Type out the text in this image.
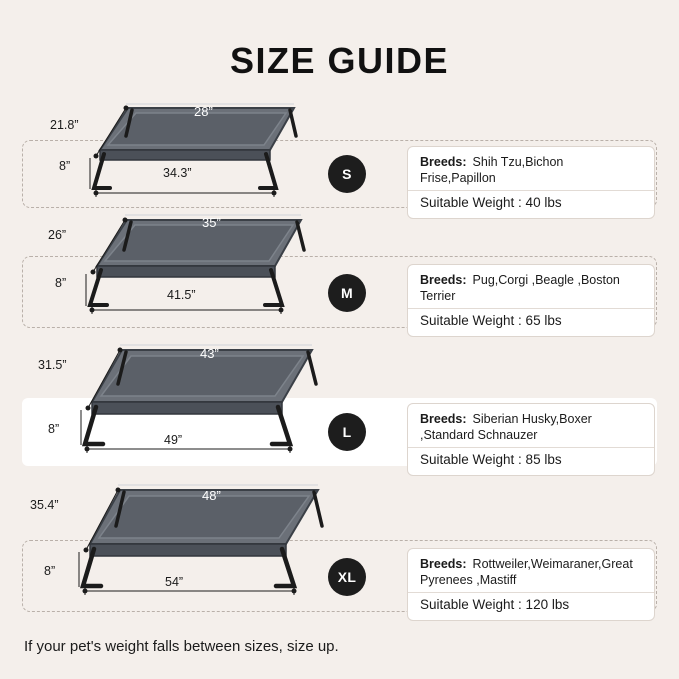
SIZE GUIDE
28”
21.8”
8”	34.3”	S
Breeds: Shih Tzu,Bichon Frise,Papillon
Suitable Weight : 40 lbs
35”
26”
8”
41.5”	M
Breeds: Pug,Corgi ,Beagle ,Boston Terrier
Suitable Weight : 65 lbs
43”
31.5”
8”
49”	L
Breeds: Siberian Husky,Boxer ,Standard Schnauzer
Suitable Weight : 85 lbs
48”
35.4”
8”
54”	XL
Breeds: Rottweiler,Weimaraner,Great Pyrenees ,Mastiff
Suitable Weight : 120 lbs
If your pet's weight falls between sizes, size up.
